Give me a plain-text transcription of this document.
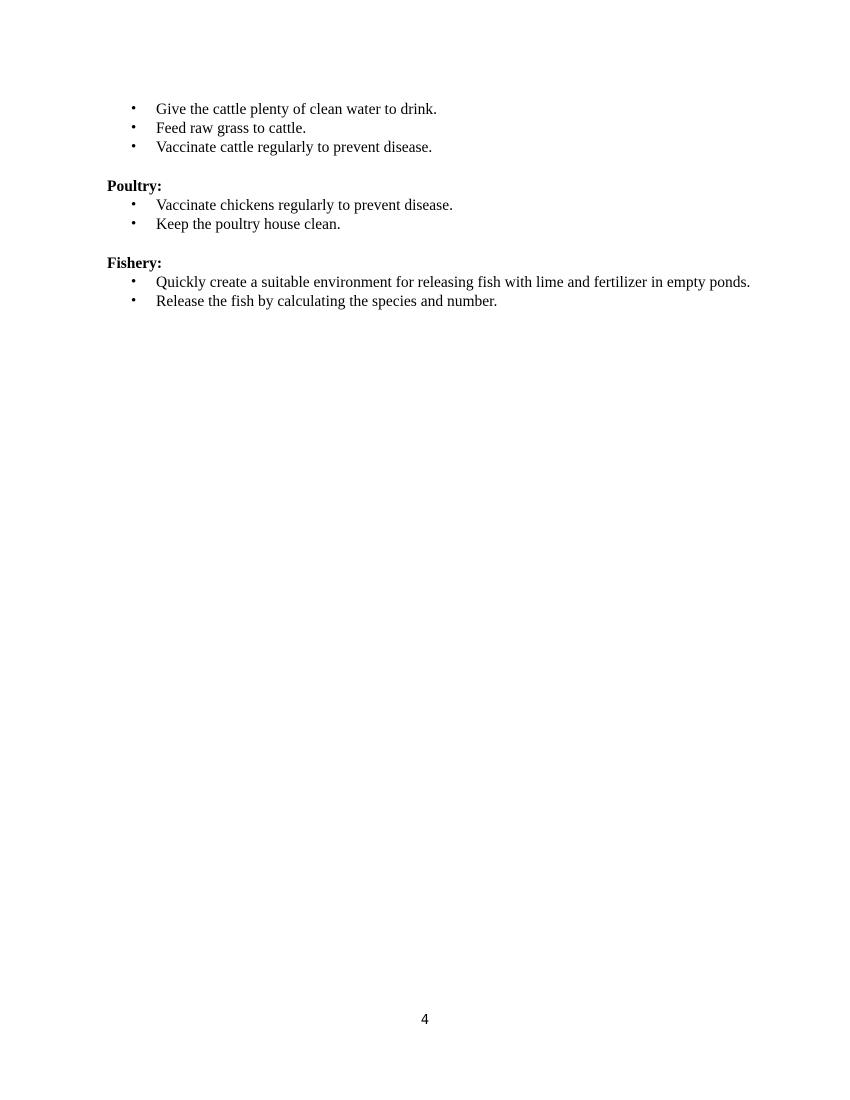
• Give the cattle plenty of clean water to drink.
• Feed raw grass to cattle.
• Vaccinate cattle regularly to prevent disease.

Poultry:

• Vaccinate chickens regularly to prevent disease.
• Keep the poultry house clean.

Fishery:

• Quickly create a suitable environment for releasing fish with lime and fertilizer in empty ponds.
• Release the fish by calculating the species and number.
4
